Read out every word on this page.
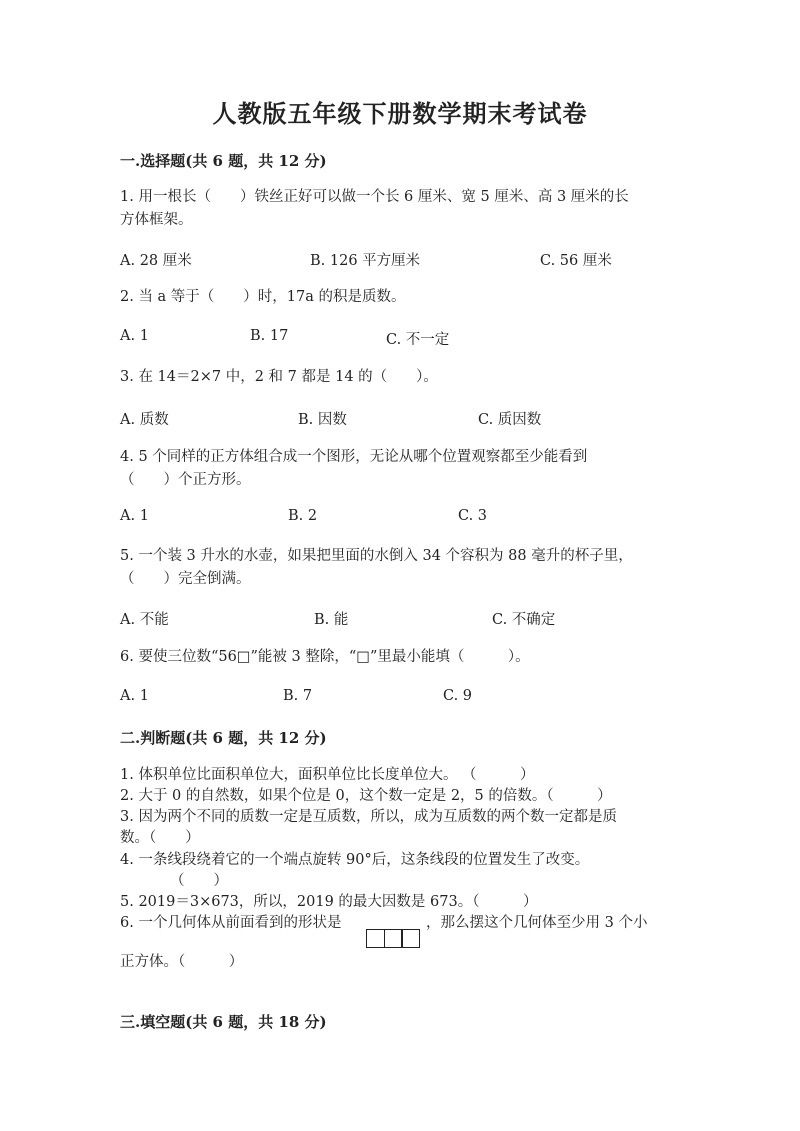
人教版五年级下册数学期末考试卷
一.选择题(共 6 题，共 12 分)
1. 用一根长（　　）铁丝正好可以做一个长 6 厘米、宽 5 厘米、高 3 厘米的长
方体框架。
A. 28 厘米	B. 126 平方厘米	C. 56 厘米
2. 当 a 等于（　　）时，17a 的积是质数。
A. 1	B. 17	C. 不一定
3. 在 14＝2×7 中，2 和 7 都是 14 的（　　）。
A. 质数	B. 因数	C. 质因数
4. 5 个同样的正方体组合成一个图形，无论从哪个位置观察都至少能看到
（　　）个正方形。
A. 1	B. 2	C. 3
5. 一个装 3 升水的水壶，如果把里面的水倒入 34 个容积为 88 毫升的杯子里，
（　　）完全倒满。
A. 不能	B. 能	C. 不确定
6. 要使三位数“56□”能被 3 整除，“□”里最小能填（　　　）。
A. 1	B. 7	C. 9
二.判断题(共 6 题，共 12 分)
1. 体积单位比面积单位大，面积单位比长度单位大。 （　　　）
2. 大于 0 的自然数，如果个位是 0，这个数一定是 2，5 的倍数。（　　　）
3. 因为两个不同的质数一定是互质数，所以，成为互质数的两个数一定都是质
数。（　　）
4. 一条线段绕着它的一个端点旋转 90°后，这条线段的位置发生了改变。
（　　）
5. 2019＝3×673，所以，2019 的最大因数是 673。（　　　）
6. 一个几何体从前面看到的形状是	，那么摆这个几何体至少用 3 个小
正方体。（　　　）
三.填空题(共 6 题，共 18 分)
